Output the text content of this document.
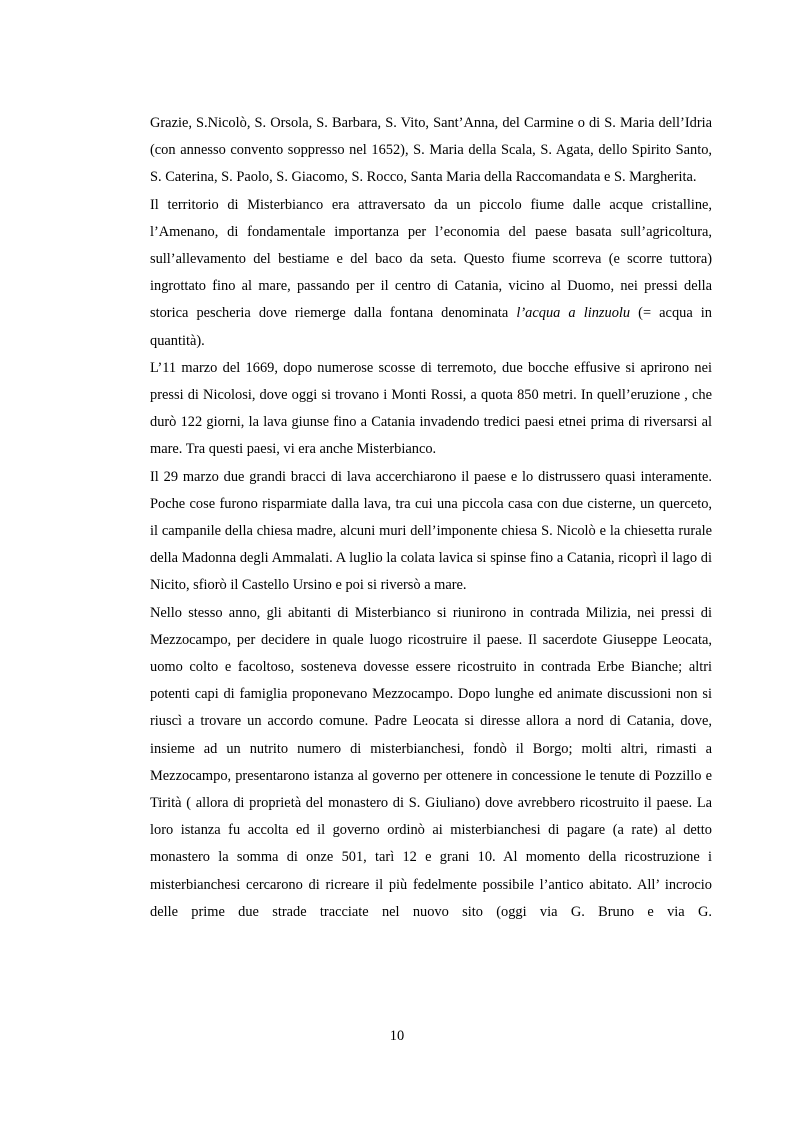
Grazie, S.Nicolò, S. Orsola, S. Barbara, S. Vito, Sant’Anna, del Carmine o di S. Maria dell’Idria (con annesso convento soppresso nel 1652), S. Maria della Scala, S. Agata, dello Spirito Santo, S. Caterina, S. Paolo, S. Giacomo, S. Rocco, Santa Maria della Raccomandata e S. Margherita.

Il territorio di Misterbianco era attraversato da un piccolo fiume dalle acque cristalline, l’Amenano, di fondamentale importanza per l’economia del paese basata sull’agricoltura, sull’allevamento del bestiame e del baco da seta. Questo fiume scorreva (e scorre tuttora) ingrottato fino al mare, passando per il centro di Catania, vicino al Duomo, nei pressi della storica pescheria dove riemerge dalla fontana denominata l’acqua a linzuolu (= acqua in quantità).

L’11 marzo del 1669, dopo numerose scosse di terremoto, due bocche effusive si aprirono nei pressi di Nicolosi, dove oggi si trovano i Monti Rossi, a quota 850 metri. In quell’eruzione , che durò 122 giorni, la lava giunse fino a Catania invadendo tredici paesi etnei prima di riversarsi al mare. Tra questi paesi, vi era anche Misterbianco.

Il 29 marzo due grandi bracci di lava accerchiarono il paese e lo distrussero quasi interamente. Poche cose furono risparmiate dalla lava, tra cui una piccola casa con due cisterne, un querceto, il campanile della chiesa madre, alcuni muri dell’imponente chiesa S. Nicolò e la chiesetta rurale della Madonna degli Ammalati. A luglio la colata lavica si spinse fino a Catania, ricoprì il lago di Nicito, sfiorò il Castello Ursino e poi si riversò a mare.

Nello stesso anno, gli abitanti di Misterbianco si riunirono in contrada Milizia, nei pressi di Mezzocampo, per decidere in quale luogo ricostruire il paese. Il sacerdote Giuseppe Leocata, uomo colto e facoltoso, sosteneva dovesse essere ricostruito in contrada Erbe Bianche; altri potenti capi di famiglia proponevano Mezzocampo. Dopo lunghe ed animate discussioni non si riuscì a trovare un accordo comune. Padre Leocata si diresse allora a nord di Catania, dove, insieme ad un nutrito numero di misterbianchesi, fondò il Borgo; molti altri, rimasti a Mezzocampo, presentarono istanza al governo per ottenere in concessione le tenute di Pozzillo e Tirità ( allora di proprietà del monastero di S. Giuliano) dove avrebbero ricostruito il paese. La loro istanza fu accolta ed il governo ordinò ai misterbianchesi di pagare (a rate) al detto monastero la somma di onze 501, tarì 12 e grani 10. Al momento della ricostruzione i misterbianchesi cercarono di ricreare il più fedelmente possibile l’antico abitato. All’ incrocio delle prime due strade tracciate nel nuovo sito (oggi via G. Bruno e via G.

10
